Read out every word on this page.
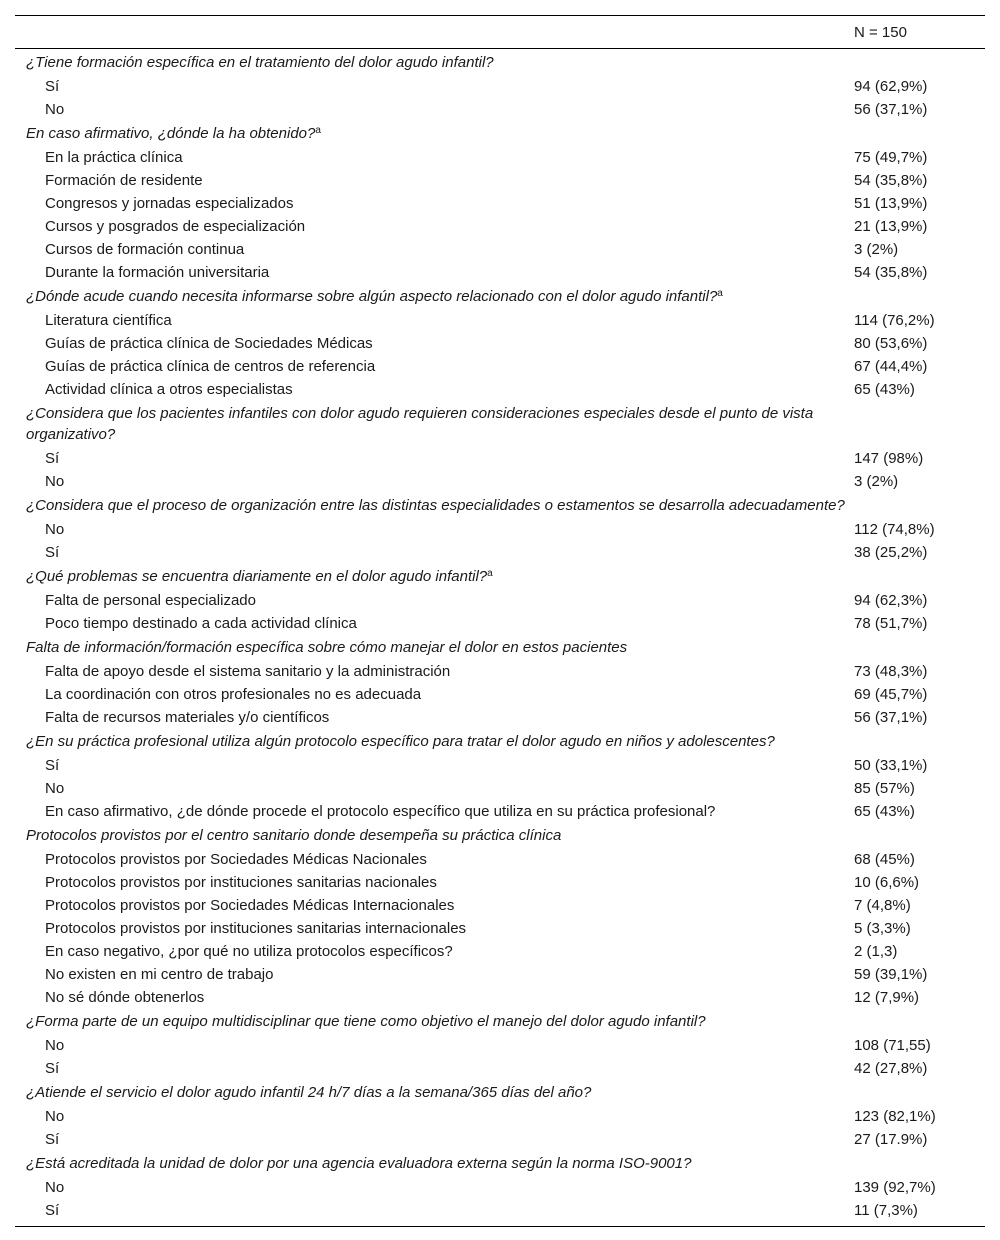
N = 150
¿Tiene formación específica en el tratamiento del dolor agudo infantil?
Sí	94 (62,9%)
No	56 (37,1%)
En caso afirmativo, ¿dónde la ha obtenido?$^a$
En la práctica clínica	75 (49,7%)
Formación de residente	54 (35,8%)
Congresos y jornadas especializados	51 (13,9%)
Cursos y posgrados de especialización	21 (13,9%)
Cursos de formación continua	3 (2%)
Durante la formación universitaria	54 (35,8%)
¿Dónde acude cuando necesita informarse sobre algún aspecto relacionado con el dolor agudo infantil?$^a$
Literatura científica	114 (76,2%)
Guías de práctica clínica de Sociedades Médicas	80 (53,6%)
Guías de práctica clínica de centros de referencia	67 (44,4%)
Actividad clínica a otros especialistas	65 (43%)
¿Considera que los pacientes infantiles con dolor agudo requieren consideraciones especiales desde el punto de vista organizativo?
Sí	147 (98%)
No	3 (2%)
¿Considera que el proceso de organización entre las distintas especialidades o estamentos se desarrolla adecuadamente?
No	112 (74,8%)
Sí	38 (25,2%)
¿Qué problemas se encuentra diariamente en el dolor agudo infantil?$^a$
Falta de personal especializado	94 (62,3%)
Poco tiempo destinado a cada actividad clínica	78 (51,7%)
Falta de información/formación específica sobre cómo manejar el dolor en estos pacientes
Falta de apoyo desde el sistema sanitario y la administración	73 (48,3%)
La coordinación con otros profesionales no es adecuada	69 (45,7%)
Falta de recursos materiales y/o científicos	56 (37,1%)
¿En su práctica profesional utiliza algún protocolo específico para tratar el dolor agudo en niños y adolescentes?
Sí	50 (33,1%)
No	85 (57%)
En caso afirmativo, ¿de dónde procede el protocolo específico que utiliza en su práctica profesional?	65 (43%)
Protocolos provistos por el centro sanitario donde desempeña su práctica clínica
Protocolos provistos por Sociedades Médicas Nacionales	68 (45%)
Protocolos provistos por instituciones sanitarias nacionales	10 (6,6%)
Protocolos provistos por Sociedades Médicas Internacionales	7 (4,8%)
Protocolos provistos por instituciones sanitarias internacionales	5 (3,3%)
En caso negativo, ¿por qué no utiliza protocolos específicos?	2 (1,3)
No existen en mi centro de trabajo	59 (39,1%)
No sé dónde obtenerlos	12 (7,9%)
¿Forma parte de un equipo multidisciplinar que tiene como objetivo el manejo del dolor agudo infantil?
No	108 (71,55)
Sí	42 (27,8%)
¿Atiende el servicio el dolor agudo infantil 24 h/7 días a la semana/365 días del año?
No	123 (82,1%)
Sí	27 (17.9%)
¿Está acreditada la unidad de dolor por una agencia evaluadora externa según la norma ISO-9001?
No	139 (92,7%)
Sí	11 (7,3%)
